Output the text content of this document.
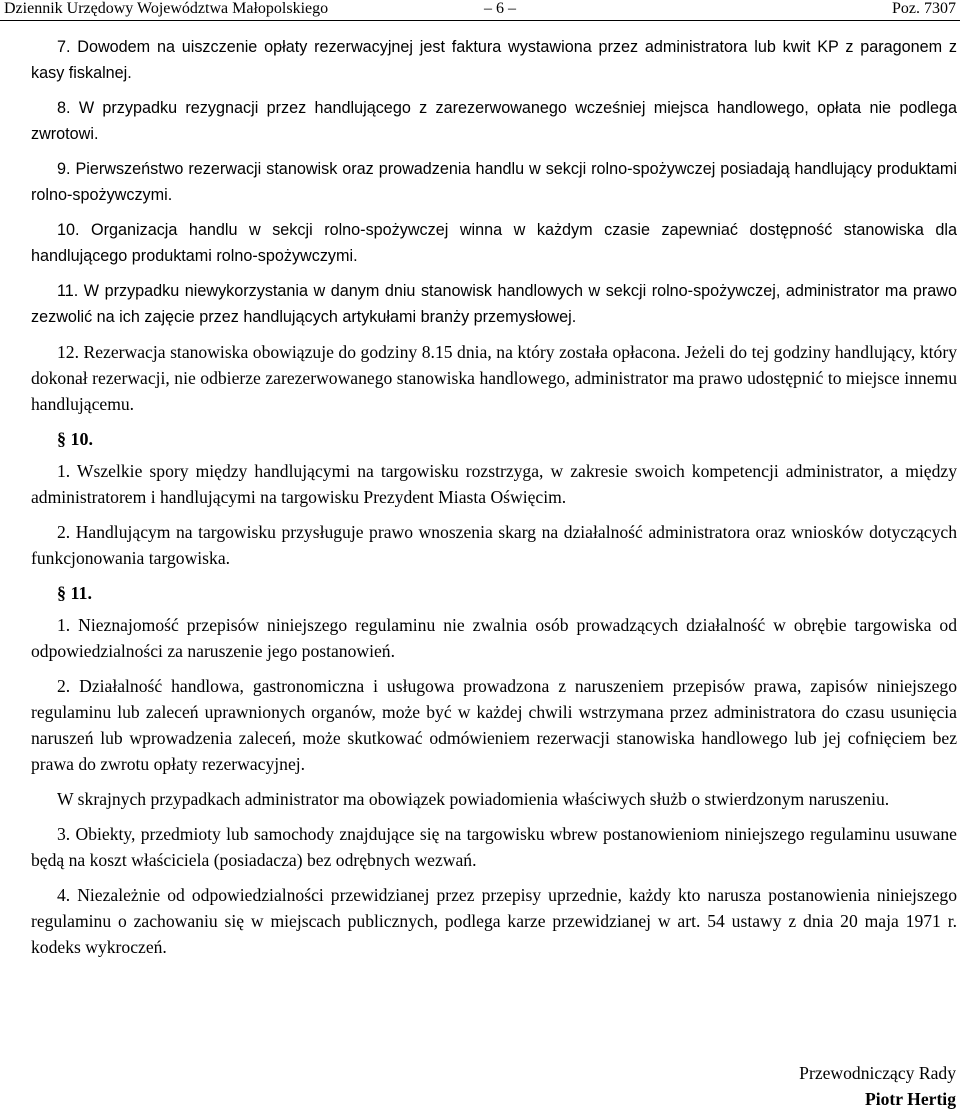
Dziennik Urzędowy Województwa Małopolskiego	– 6 –	Poz. 7307

7. Dowodem na uiszczenie opłaty rezerwacyjnej jest faktura wystawiona przez administratora lub kwit KP z paragonem z kasy fiskalnej.

8. W przypadku rezygnacji przez handlującego z zarezerwowanego wcześniej miejsca handlowego, opłata nie podlega zwrotowi.

9. Pierwszeństwo rezerwacji stanowisk oraz prowadzenia handlu w sekcji rolno-spożywczej posiadają handlujący produktami rolno-spożywczymi.

10. Organizacja handlu w sekcji rolno-spożywczej winna w każdym czasie zapewniać dostępność stanowiska dla handlującego produktami rolno-spożywczymi.

11. W przypadku niewykorzystania w danym dniu stanowisk handlowych w sekcji rolno-spożywczej, administrator ma prawo zezwolić na ich zajęcie przez handlujących artykułami branży przemysłowej.

12. Rezerwacja stanowiska obowiązuje do godziny 8.15 dnia, na który została opłacona. Jeżeli do tej godziny handlujący, który dokonał rezerwacji, nie odbierze zarezerwowanego stanowiska handlowego, administrator ma prawo udostępnić to miejsce innemu handlującemu.

§ 10.

1. Wszelkie spory między handlującymi na targowisku rozstrzyga, w zakresie swoich kompetencji administrator, a między administratorem i handlującymi na targowisku Prezydent Miasta Oświęcim.

2. Handlującym na targowisku przysługuje prawo wnoszenia skarg na działalność administratora oraz wniosków dotyczących funkcjonowania targowiska.

§ 11.

1. Nieznajomość przepisów niniejszego regulaminu nie zwalnia osób prowadzących działalność w obrębie targowiska od odpowiedzialności za naruszenie jego postanowień.

2. Działalność handlowa, gastronomiczna i usługowa prowadzona z naruszeniem przepisów prawa, zapisów niniejszego regulaminu lub zaleceń uprawnionych organów, może być w każdej chwili wstrzymana przez administratora do czasu usunięcia naruszeń lub wprowadzenia zaleceń, może skutkować odmówieniem rezerwacji stanowiska handlowego lub jej cofnięciem bez prawa do zwrotu opłaty rezerwacyjnej.

W skrajnych przypadkach administrator ma obowiązek powiadomienia właściwych służb o stwierdzonym naruszeniu.

3. Obiekty, przedmioty lub samochody znajdujące się na targowisku wbrew postanowieniom niniejszego regulaminu usuwane będą na koszt właściciela (posiadacza) bez odrębnych wezwań.

4. Niezależnie od odpowiedzialności przewidzianej przez przepisy uprzednie, każdy kto narusza postanowienia niniejszego regulaminu o zachowaniu się w miejscach publicznych, podlega karze przewidzianej w art. 54 ustawy z dnia 20 maja 1971 r. kodeks wykroczeń.

Przewodniczący Rady
Piotr Hertig
